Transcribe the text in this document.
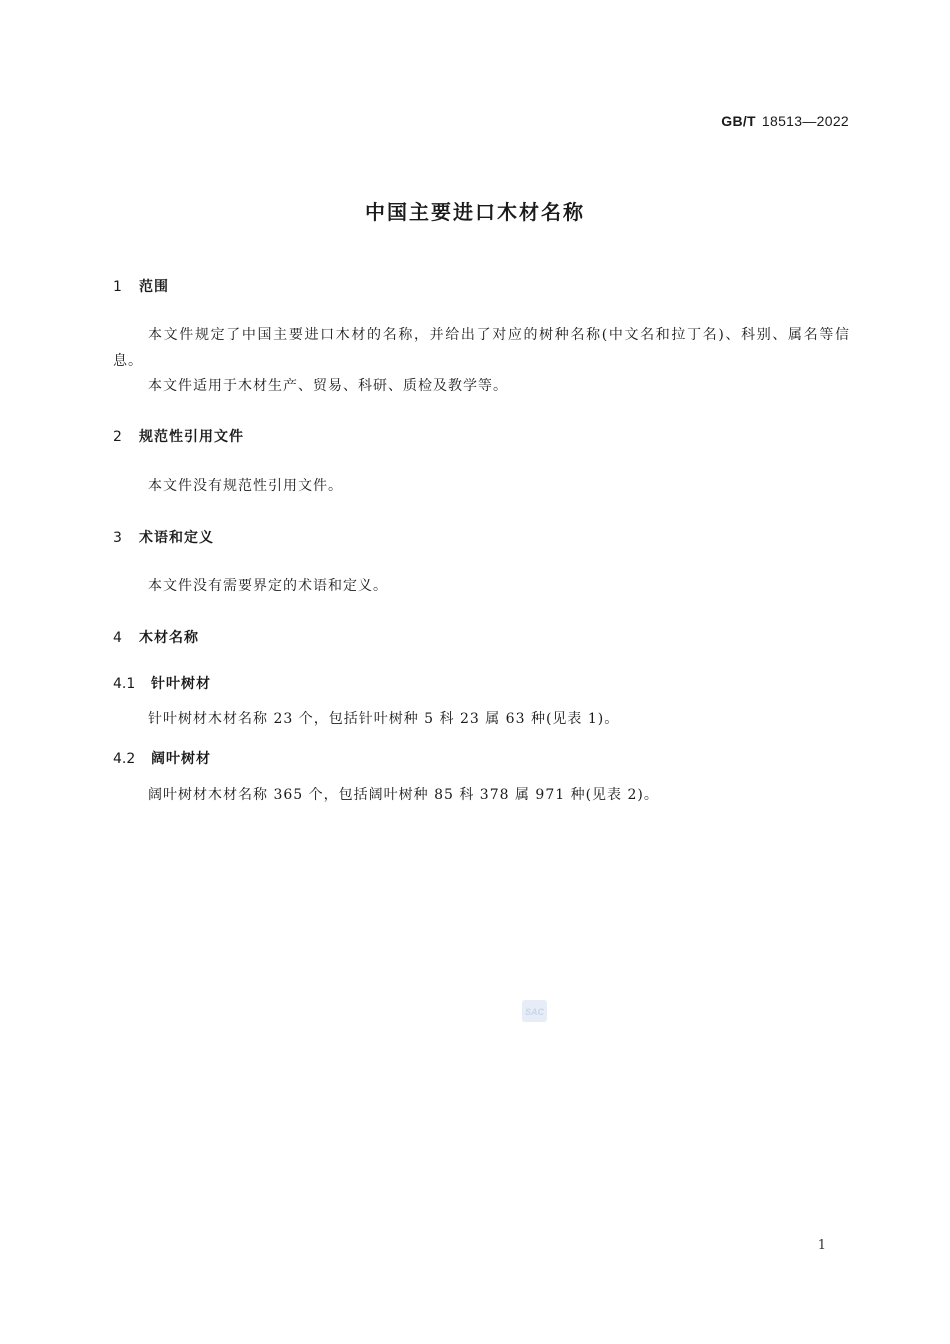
GB/T 18513—2022
中国主要进口木材名称
1 范围

本文件规定了中国主要进口木材的名称，并给出了对应的树种名称(中文名和拉丁名)、科别、属名等信息。

本文件适用于木材生产、贸易、科研、质检及教学等。

2 规范性引用文件

本文件没有规范性引用文件。

3 术语和定义

本文件没有需要界定的术语和定义。

4 木材名称
4.1 针叶树材

针叶树材木材名称 23 个，包括针叶树种 5 科 23 属 63 种(见表 1)。

4.2 阔叶树材

阔叶树材木材名称 365 个，包括阔叶树种 85 科 378 属 971 种(见表 2)。

SAC
1
